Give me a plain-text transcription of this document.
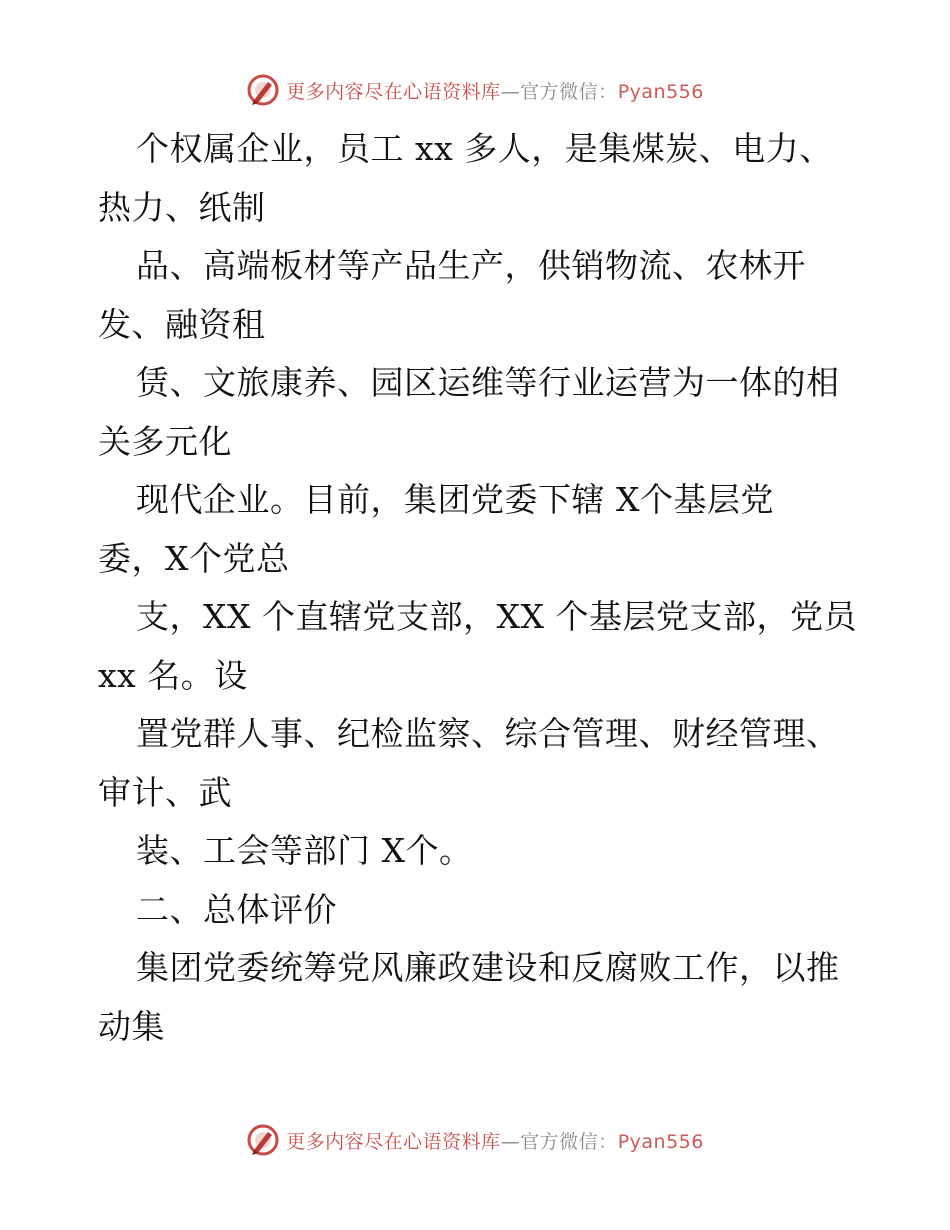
更多内容尽在心语资料库—官方微信：Pyan556
个权属企业，员工 xx 多人，是集煤炭、电力、
热力、纸制
品、高端板材等产品生产，供销物流、农林开
发、融资租
赁、文旅康养、园区运维等行业运营为一体的相
关多元化
现代企业。目前，集团党委下辖 X个基层党
委，X个党总
支，XX 个直辖党支部，XX 个基层党支部，党员
xx 名。设
置党群人事、纪检监察、综合管理、财经管理、
审计、武
装、工会等部门 X个。
二、总体评价
集团党委统筹党风廉政建设和反腐败工作，以推
动集
更多内容尽在心语资料库—官方微信：Pyan556
